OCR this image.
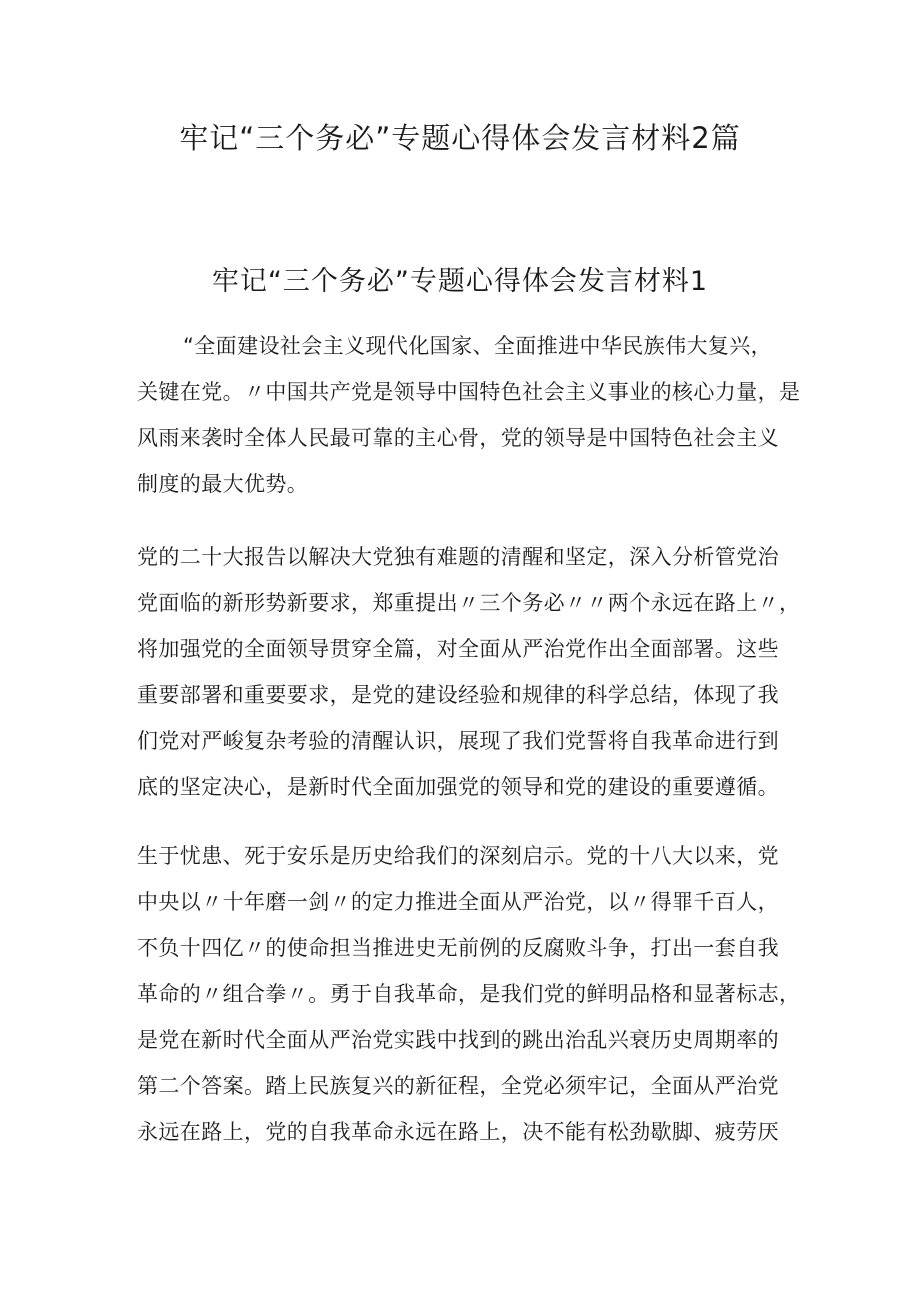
牢记“三个务必”专题心得体会发言材料2篇
牢记“三个务必”专题心得体会发言材料1
“全面建设社会主义现代化国家、全面推进中华民族伟大复兴，
关键在党。〃中国共产党是领导中国特色社会主义事业的核心力量，是
风雨来袭时全体人民最可靠的主心骨，党的领导是中国特色社会主义
制度的最大优势。
党的二十大报告以解决大党独有难题的清醒和坚定，深入分析管党治
党面临的新形势新要求，郑重提出〃三个务必〃〃两个永远在路上〃，
将加强党的全面领导贯穿全篇，对全面从严治党作出全面部署。这些
重要部署和重要要求，是党的建设经验和规律的科学总结，体现了我
们党对严峻复杂考验的清醒认识，展现了我们党誓将自我革命进行到
底的坚定决心，是新时代全面加强党的领导和党的建设的重要遵循。
生于忧患、死于安乐是历史给我们的深刻启示。党的十八大以来，党
中央以〃十年磨一剑〃的定力推进全面从严治党，以〃得罪千百人，
不负十四亿〃的使命担当推进史无前例的反腐败斗争，打出一套自我
革命的〃组合拳〃。勇于自我革命，是我们党的鲜明品格和显著标志，
是党在新时代全面从严治党实践中找到的跳出治乱兴衰历史周期率的
第二个答案。踏上民族复兴的新征程，全党必须牢记，全面从严治党
永远在路上，党的自我革命永远在路上，决不能有松劲歇脚、疲劳厌
